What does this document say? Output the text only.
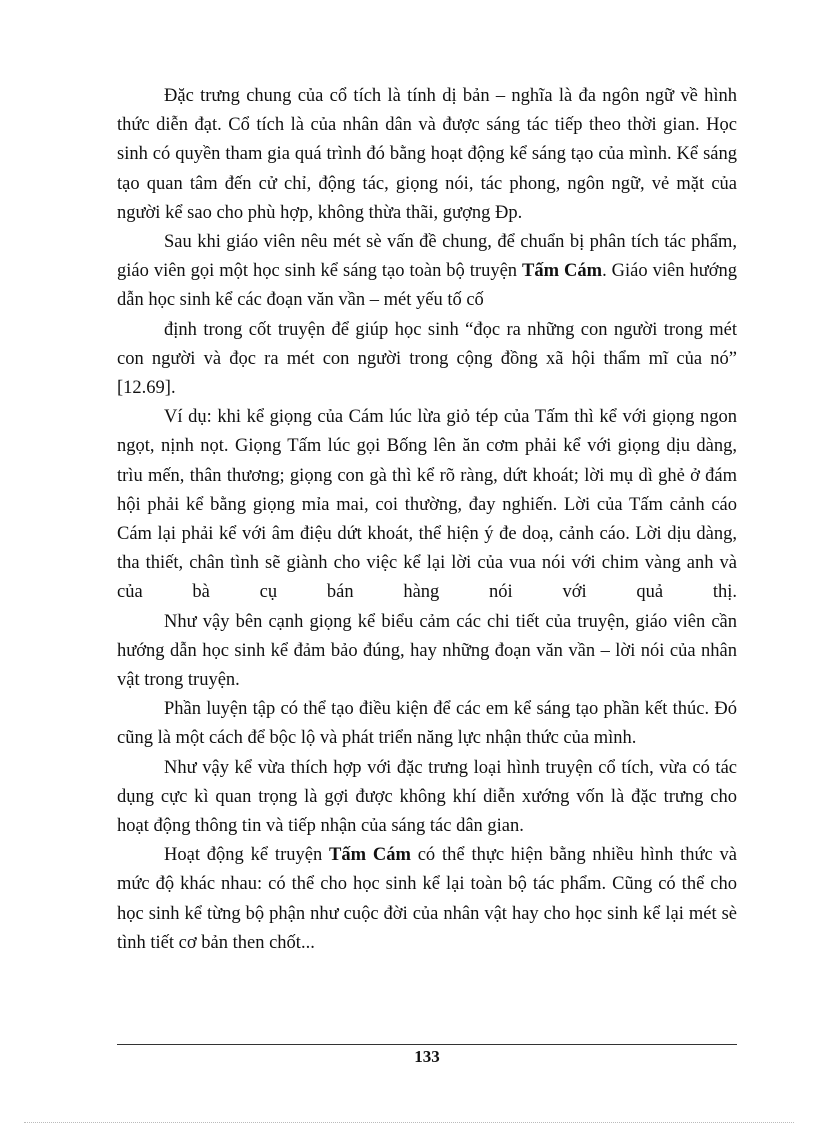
Đặc trưng chung của cổ tích là tính dị bản – nghĩa là đa ngôn ngữ về hình thức diễn đạt. Cổ tích là của nhân dân và được sáng tác tiếp theo thời gian. Học sinh có quyền tham gia quá trình đó bằng hoạt động kể sáng tạo của mình. Kể sáng tạo quan tâm đến cử chỉ, động tác, giọng nói, tác phong, ngôn ngữ, vẻ mặt của người kể sao cho phù hợp, không thừa thãi, gượng Đp.

Sau khi giáo viên nêu mét sè vấn đề chung, để chuẩn bị phân tích tác phẩm, giáo viên gọi một học sinh kể sáng tạo toàn bộ truyện Tấm Cám. Giáo viên hướng dẫn học sinh kể các đoạn văn vần – mét yếu tố cố

định trong cốt truyện để giúp học sinh “đọc ra những con người trong mét con người và đọc ra mét con người trong cộng đồng xã hội thẩm mĩ của nó” [12.69].

Ví dụ: khi kể giọng của Cám lúc lừa giỏ tép của Tấm thì kể với giọng ngon ngọt, nịnh nọt. Giọng Tấm lúc gọi Bống lên ăn cơm phải kể với giọng dịu dàng, trìu mến, thân thương; giọng con gà thì kể rõ ràng, dứt khoát; lời mụ dì ghẻ ở đám hội phải kể bằng giọng mỉa mai, coi thường, đay nghiến. Lời của Tấm cảnh cáo Cám lại phải kể với âm điệu dứt khoát, thể hiện ý đe doạ, cảnh cáo. Lời dịu dàng, tha thiết, chân tình sẽ giành cho việc kể lại lời của vua nói với chim vàng anh và của bà cụ bán hàng nói với quả thị.

Như vậy bên cạnh giọng kể biểu cảm các chi tiết của truyện, giáo viên cần hướng dẫn học sinh kể đảm bảo đúng, hay những đoạn văn vần – lời nói của nhân vật trong truyện.

Phần luyện tập có thể tạo điều kiện để các em kể sáng tạo phần kết thúc. Đó cũng là một cách để bộc lộ và phát triển năng lực nhận thức của mình.

Như vậy kể vừa thích hợp với đặc trưng loại hình truyện cổ tích, vừa có tác dụng cực kì quan trọng là gợi được không khí diễn xướng vốn là đặc trưng cho hoạt động thông tin và tiếp nhận của sáng tác dân gian.

Hoạt động kể truyện Tấm Cám có thể thực hiện bằng nhiều hình thức và mức độ khác nhau: có thể cho học sinh kể lại toàn bộ tác phẩm. Cũng có thể cho học sinh kể từng bộ phận như cuộc đời của nhân vật hay cho học sinh kể lại mét sè tình tiết cơ bản then chốt...

133
